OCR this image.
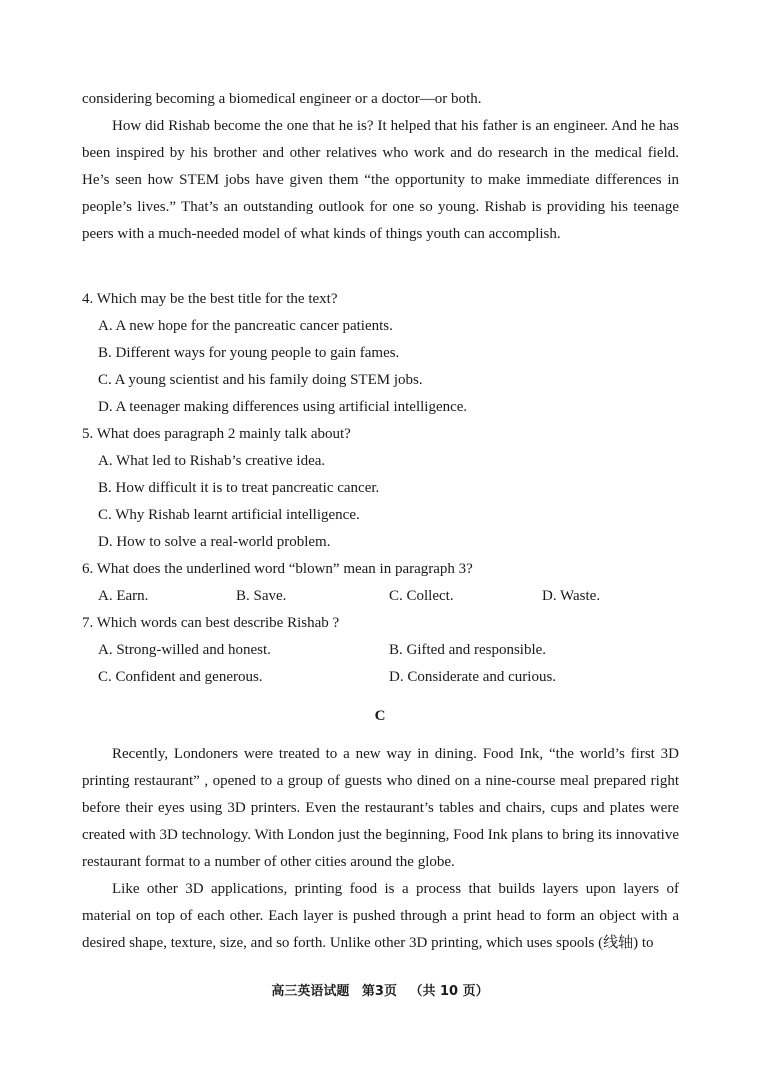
considering becoming a biomedical engineer or a doctor—or both.

How did Rishab become the one that he is? It helped that his father is an engineer. And he has been inspired by his brother and other relatives who work and do research in the medical field. He’s seen how STEM jobs have given them “the opportunity to make immediate differences in people’s lives.” That’s an outstanding outlook for one so young. Rishab is providing his teenage peers with a much-needed model of what kinds of things youth can accomplish.

4. Which may be the best title for the text?
A. A new hope for the pancreatic cancer patients.
B. Different ways for young people to gain fames.
C. A young scientist and his family doing STEM jobs.
D. A teenager making differences using artificial intelligence.
5. What does paragraph 2 mainly talk about?
A. What led to Rishab’s creative idea.
B. How difficult it is to treat pancreatic cancer.
C. Why Rishab learnt artificial intelligence.
D. How to solve a real-world problem.
6. What does the underlined word “blown” mean in paragraph 3?
A. Earn.	B. Save.	C. Collect.	D. Waste.
7. Which words can best describe Rishab ?
A. Strong-willed and honest.	B. Gifted and responsible.
C. Confident and generous.	D. Considerate and curious.
C

Recently, Londoners were treated to a new way in dining. Food Ink, “the world’s first 3D printing restaurant” , opened to a group of guests who dined on a nine-course meal prepared right before their eyes using 3D printers. Even the restaurant’s tables and chairs, cups and plates were created with 3D technology. With London just the beginning, Food Ink plans to bring its innovative restaurant format to a number of other cities around the globe.

Like other 3D applications, printing food is a process that builds layers upon layers of material on top of each other. Each layer is pushed through a print head to form an object with a desired shape, texture, size, and so forth. Unlike other 3D printing, which uses spools (线轴) to

高三英语试题 第3页 （共 10 页）
